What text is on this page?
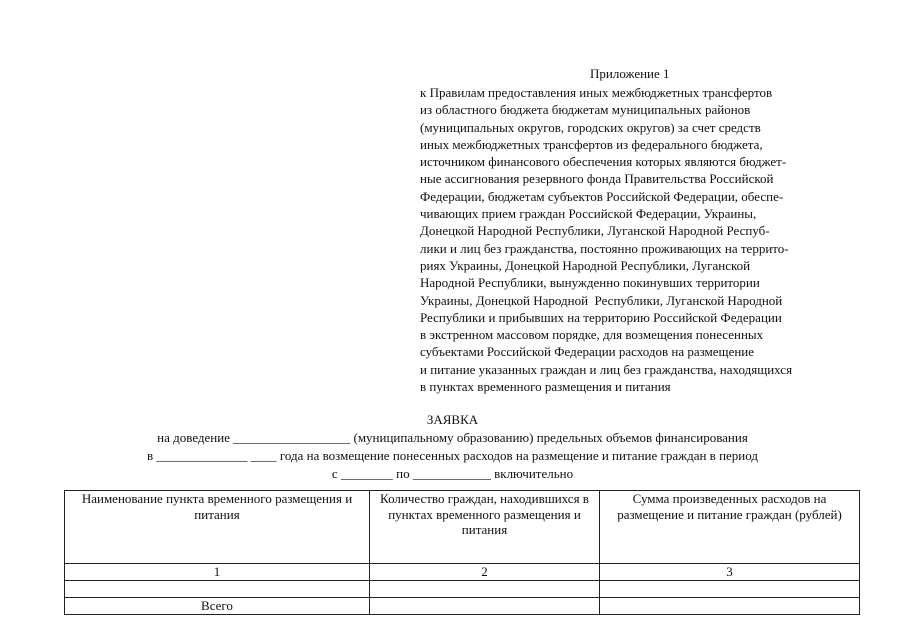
Приложение 1
к Правилам предоставления иных межбюджетных трансфертов
из областного бюджета бюджетам муниципальных районов
(муниципальных округов, городских округов) за счет средств
иных межбюджетных трансфертов из федерального бюджета,
источником финансового обеспечения которых являются бюджет-
ные ассигнования резервного фонда Правительства Российской
Федерации, бюджетам субъектов Российской Федерации, обеспе-
чивающих прием граждан Российской Федерации, Украины,
Донецкой Народной Республики, Луганской Народной Респуб-
лики и лиц без гражданства, постоянно проживающих на террито-
риях Украины, Донецкой Народной Республики, Луганской
Народной Республики, вынужденно покинувших территории
Украины, Донецкой Народной  Республики, Луганской Народной
Республики и прибывших на территорию Российской Федерации
в экстренном массовом порядке, для возмещения понесенных
субъектами Российской Федерации расходов на размещение
и питание указанных граждан и лиц без гражданства, находящихся
в пунктах временного размещения и питания
ЗАЯВКА
на доведение __________________ (муниципальному образованию) предельных объемов финансирования
в ______________ ____ года на возмещение понесенных расходов на размещение и питание граждан в период
с ________ по ____________ включительно
Наименование пункта временного размещения и питания	Количество граждан, находившихся в пунктах временного размещения и питания	Сумма произведенных расходов на размещение и питание граждан (рублей)
1	2	3

Всего		
